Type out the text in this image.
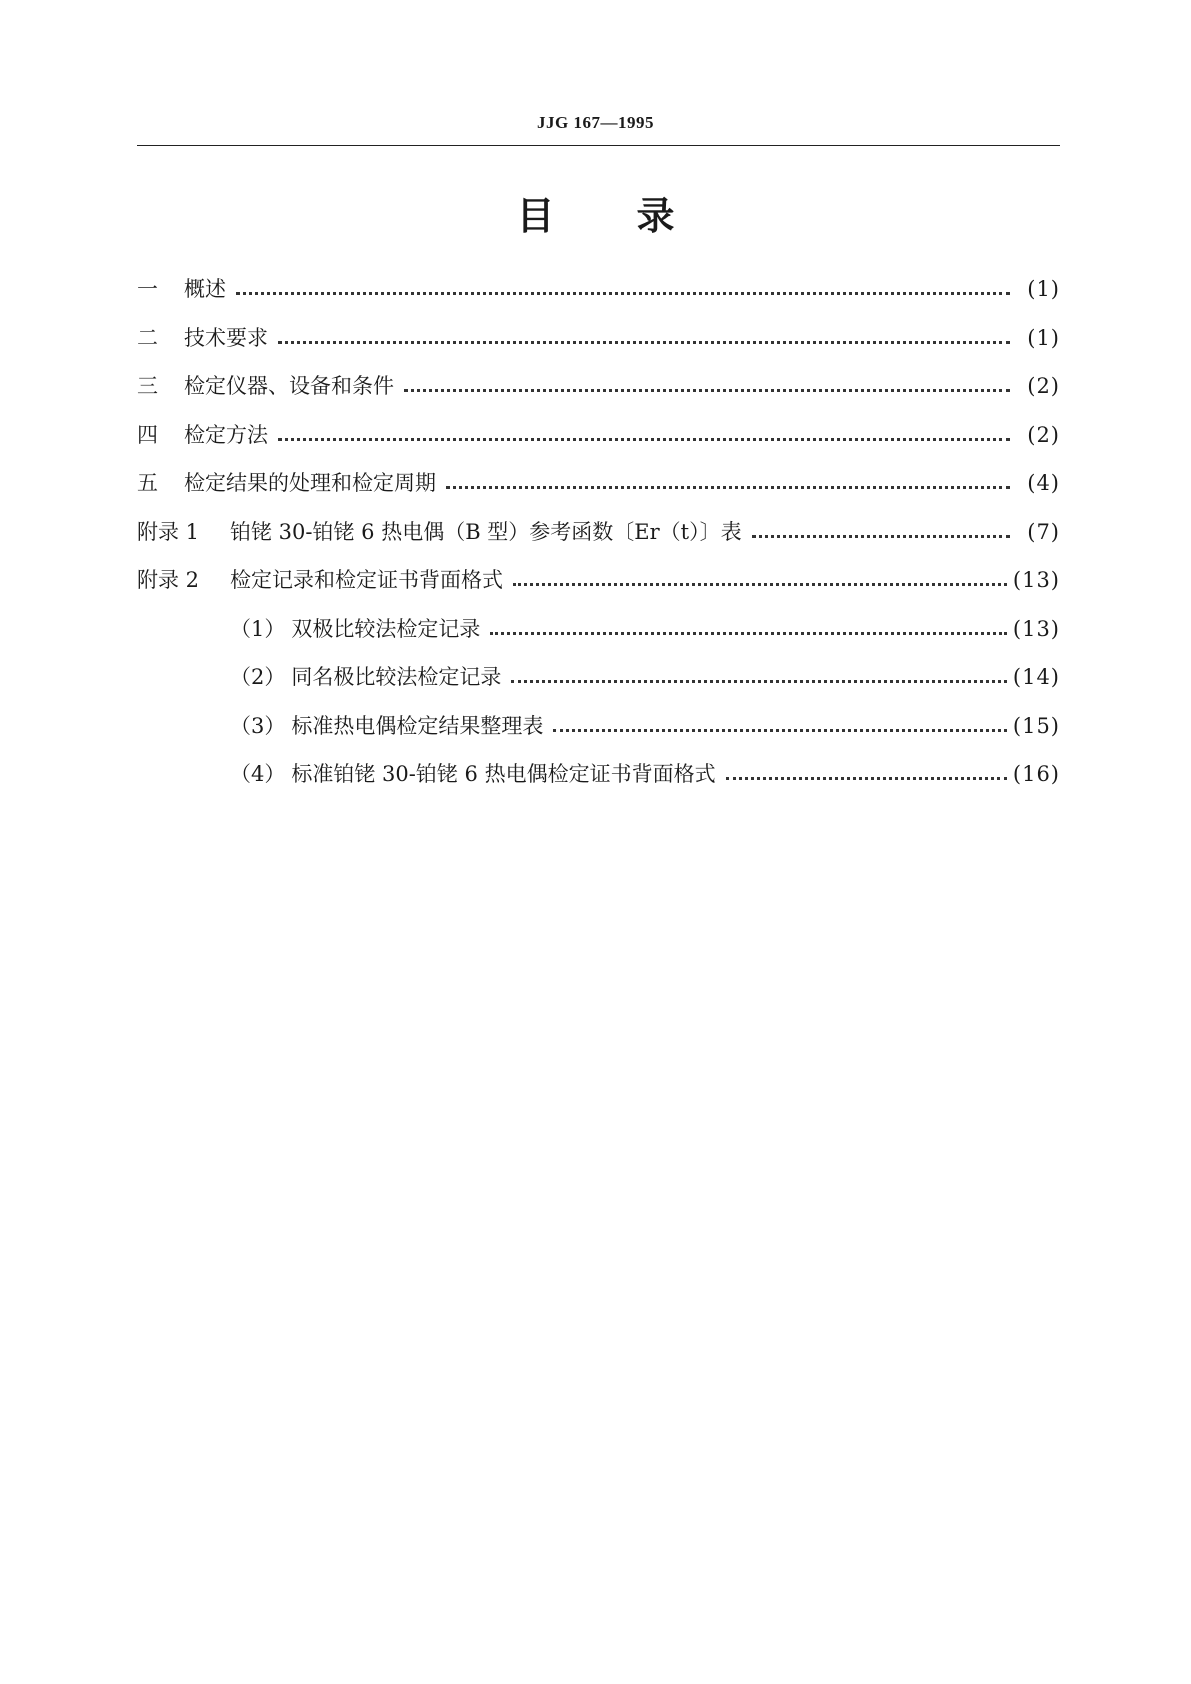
JJG 167—1995
目录
一	概述	(1)
二	技术要求	(1)
三	检定仪器、设备和条件	(2)
四	检定方法	(2)
五	检定结果的处理和检定周期	(4)
附录 1	铂铑 30-铂铑 6 热电偶（B 型）参考函数〔Er（t）〕表	(7)
附录 2	检定记录和检定证书背面格式	(13)
（1） 双极比较法检定记录	(13)
（2） 同名极比较法检定记录	(14)
（3） 标准热电偶检定结果整理表	(15)
（4） 标准铂铑 30-铂铑 6 热电偶检定证书背面格式	(16)
